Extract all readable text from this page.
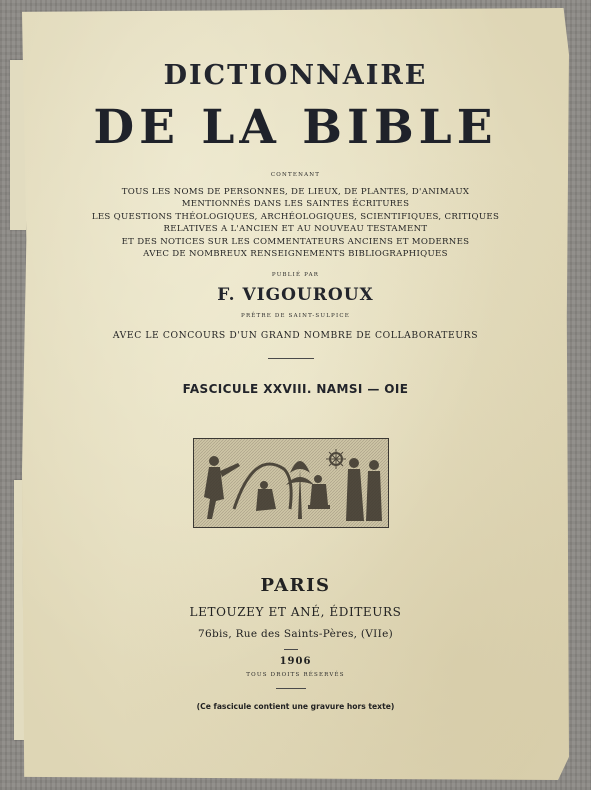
DICTIONNAIRE
DE LA BIBLE
CONTENANT
TOUS LES NOMS DE PERSONNES, DE LIEUX, DE PLANTES, D'ANIMAUX
MENTIONNÉS DANS LES SAINTES ÉCRITURES
LES QUESTIONS THÉOLOGIQUES, ARCHÉOLOGIQUES, SCIENTIFIQUES, CRITIQUES
RELATIVES A L'ANCIEN ET AU NOUVEAU TESTAMENT
ET DES NOTICES SUR LES COMMENTATEURS ANCIENS ET MODERNES
AVEC DE NOMBREUX RENSEIGNEMENTS BIBLIOGRAPHIQUES
PUBLIÉ PAR
F. VIGOUROUX
PRÊTRE DE SAINT-SULPICE
AVEC LE CONCOURS D'UN GRAND NOMBRE DE COLLABORATEURS
FASCICULE XXVIII. NAMSI — OIE
PARIS
LETOUZEY ET ANÉ, ÉDITEURS
76bis, Rue des Saints-Pères, (VIIe)
1906
TOUS DROITS RÉSERVÉS
(Ce fascicule contient une gravure hors texte)
